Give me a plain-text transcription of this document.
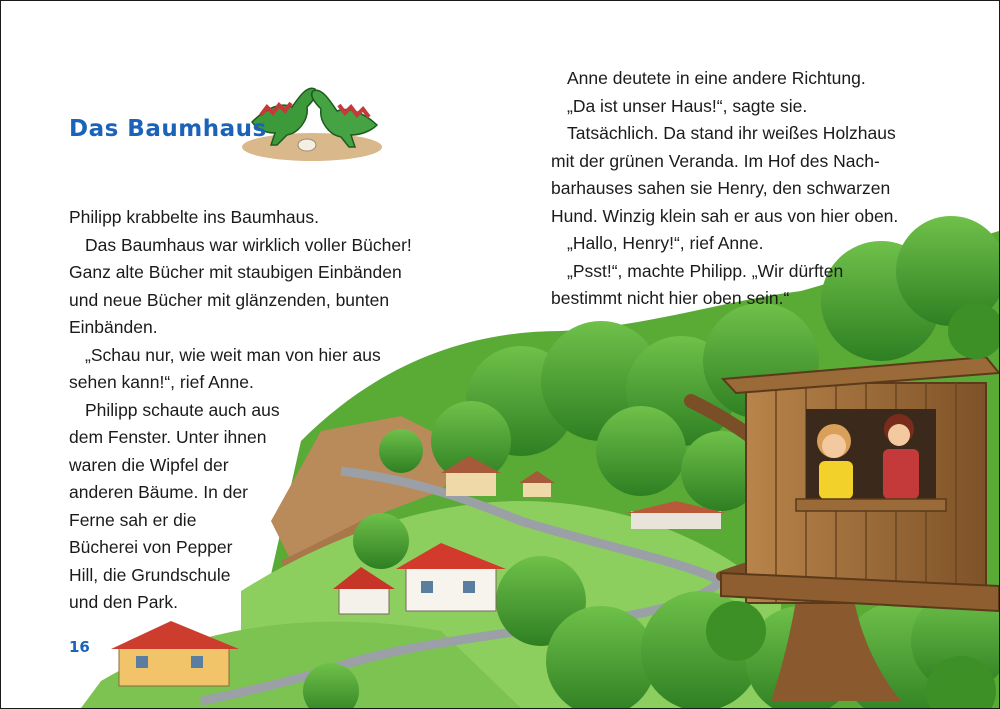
Das Baumhaus

Philipp krabbelte ins Baumhaus.

Das Baumhaus war wirklich voller Bücher!

Ganz alte Bücher mit staubigen Einbänden

und neue Bücher mit glänzenden, bunten

Einbänden.

„Schau nur, wie weit man von hier aus

sehen kann!“, rief Anne.

Philipp schaute auch aus

dem Fenster. Unter ihnen

waren die Wipfel der

anderen Bäume. In der

Ferne sah er die

Bücherei von Pepper

Hill, die Grundschule

und den Park.

Anne deutete in eine andere Richtung.

„Da ist unser Haus!“, sagte sie.

Tatsächlich. Da stand ihr weißes Holzhaus

mit der grünen Veranda. Im Hof des Nach-

barhauses sahen sie Henry, den schwarzen

Hund. Winzig klein sah er aus von hier oben.

„Hallo, Henry!“, rief Anne.

„Psst!“, machte Philipp. „Wir dürften

bestimmt nicht hier oben sein.“

16
